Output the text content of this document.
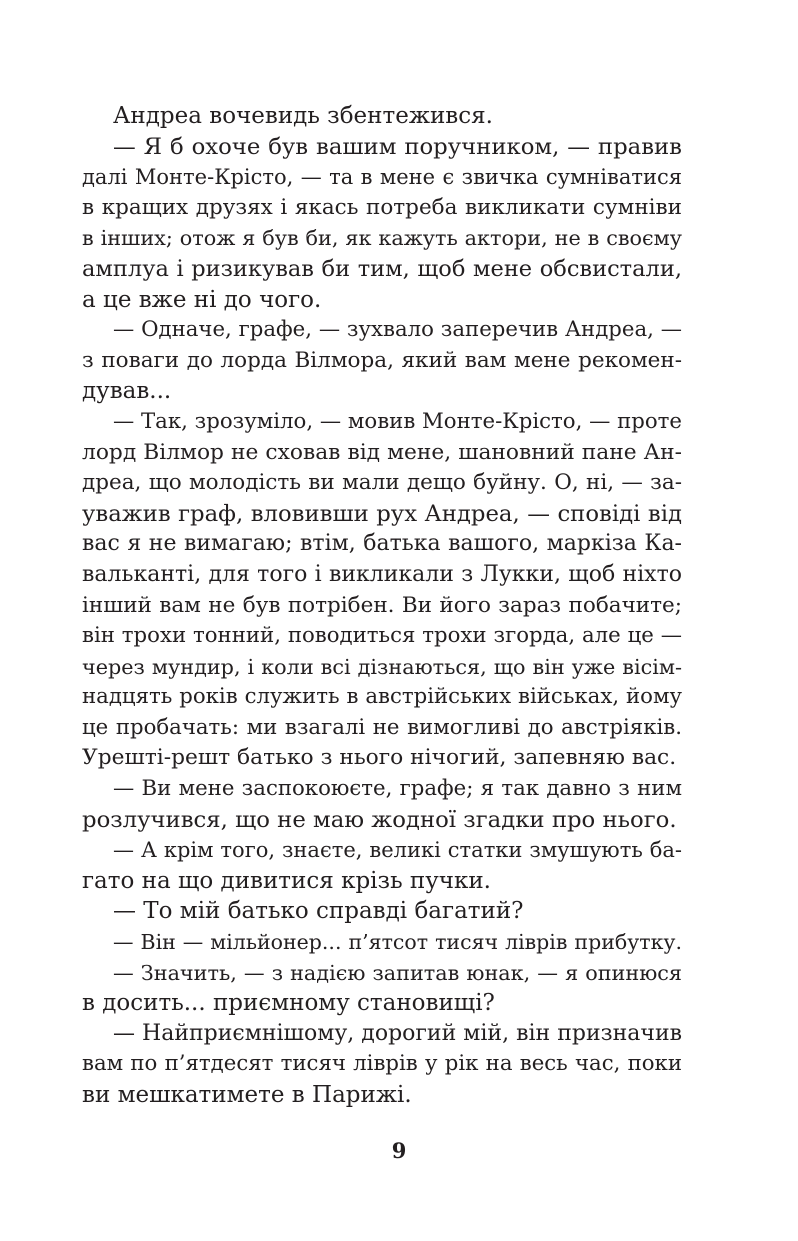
Андреа вочевидь збентежився.
— Я б охоче був вашим поручником, — правив
далі Монте-Крісто, — та в мене є звичка сумніватися
в кращих друзях і якась потреба викликати сумніви
в інших; отож я був би, як кажуть актори, не в своєму
амплуа і ризикував би тим, щоб мене обсвистали,
а це вже ні до чого.
— Одначе, графе, — зухвало заперечив Андреа, —
з поваги до лорда Вілмора, який вам мене рекомен-
дував...
— Так, зрозуміло, — мовив Монте-Крісто, — проте
лорд Вілмор не сховав від мене, шановний пане Ан-
дреа, що молодість ви мали дещо буйну. О, ні, — за-
уважив граф, вловивши рух Андреа, — сповіді від
вас я не вимагаю; втім, батька вашого, маркіза Ка-
вальканті, для того і викликали з Лукки, щоб ніхто
інший вам не був потрібен. Ви його зараз побачите;
він трохи тонний, поводиться трохи згорда, але це —
через мундир, і коли всі дізнаються, що він уже вісім-
надцять років служить в австрійських військах, йому
це пробачать: ми взагалі не вимогливі до австріяків.
Урешті-решт батько з нього нічогий, запевняю вас.
— Ви мене заспокоюєте, графе; я так давно з ним
розлучився, що не маю жодної згадки про нього.
— А крім того, знаєте, великі статки змушують ба-
гато на що дивитися крізь пучки.
— То мій батько справді багатий?
— Він — мільйонер... п’ятсот тисяч ліврів прибутку.
— Значить, — з надією запитав юнак, — я опинюся
в досить... приємному становищі?
— Найприємнішому, дорогий мій, він призначив
вам по п’ятдесят тисяч ліврів у рік на весь час, поки
ви мешкатимете в Парижі.
9
